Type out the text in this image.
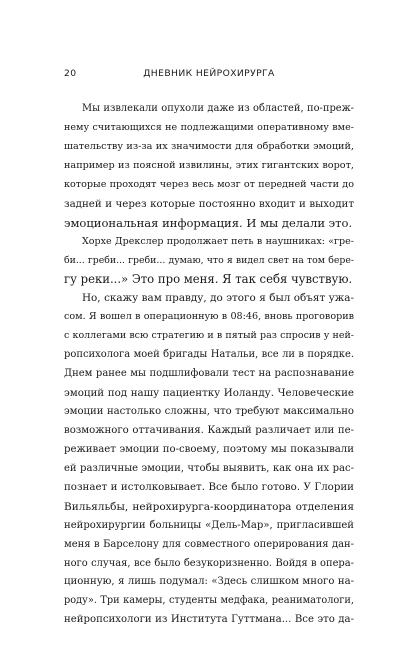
20	ДНЕВНИК НЕЙРОХИРУРГА
Мы извлекали опухоли даже из областей, по-преж-
нему считающихся не подлежащими оперативному вме-
шательству из-за их значимости для обработки эмоций,
например из поясной извилины, этих гигантских ворот,
которые проходят через весь мозг от передней части до
задней и через которые постоянно входит и выходит
эмоциональная информация. И мы делали это.
Хорхе Дрекслер продолжает петь в наушниках: «гре-
би... греби... греби... думаю, что я видел свет на том бере-
гу реки...» Это про меня. Я так себя чувствую.
Но, скажу вам правду, до этого я был объят ужа-
сом. Я вошел в операционную в 08:46, вновь проговорив
с коллегами всю стратегию и в пятый раз спросив у ней-
ропсихолога моей бригады Натальи, все ли в порядке.
Днем ранее мы подшлифовали тест на распознавание
эмоций под нашу пациентку Иоланду. Человеческие
эмоции настолько сложны, что требуют максимально
возможного оттачивания. Каждый различает или пе-
реживает эмоции по-своему, поэтому мы показывали
ей различные эмоции, чтобы выявить, как она их рас-
познает и истолковывает. Все было готово. У Глории
Вильяльбы, нейрохирурга-координатора отделения
нейрохирургии больницы «Дель-Мар», пригласившей
меня в Барселону для совместного оперирования дан-
ного случая, все было безукоризненно. Войдя в опера-
ционную, я лишь подумал: «Здесь слишком много на-
роду». Три камеры, студенты медфака, реаниматологи,
нейропсихологи из Института Гуттмана... Все это да-
